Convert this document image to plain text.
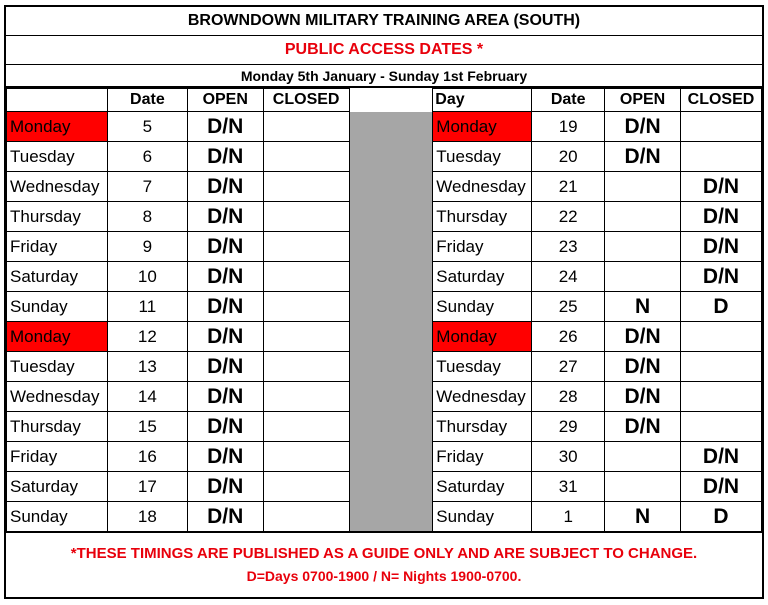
BROWNDOWN MILITARY TRAINING AREA (SOUTH)
PUBLIC ACCESS DATES *
Monday 5th January - Sunday 1st February
	Date	OPEN	CLOSED		Day	Date	OPEN	CLOSED
Monday	5	D/N			Monday	19	D/N	
Tuesday	6	D/N			Tuesday	20	D/N	
Wednesday	7	D/N			Wednesday	21		D/N
Thursday	8	D/N			Thursday	22		D/N
Friday	9	D/N			Friday	23		D/N
Saturday	10	D/N			Saturday	24		D/N
Sunday	11	D/N			Sunday	25	N	D
Monday	12	D/N			Monday	26	D/N	
Tuesday	13	D/N			Tuesday	27	D/N	
Wednesday	14	D/N			Wednesday	28	D/N	
Thursday	15	D/N			Thursday	29	D/N	
Friday	16	D/N			Friday	30		D/N
Saturday	17	D/N			Saturday	31		D/N
Sunday	18	D/N			Sunday	1	N	D
*THESE TIMINGS ARE PUBLISHED AS A GUIDE ONLY AND ARE SUBJECT TO CHANGE.
D=Days 0700-1900 / N= Nights 1900-0700.
